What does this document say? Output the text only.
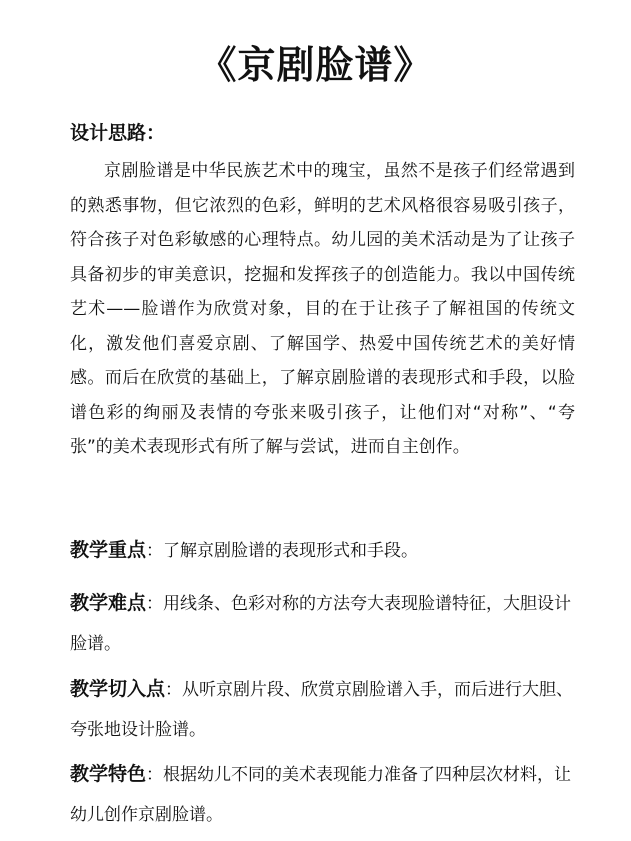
《京剧脸谱》
设计思路：
京剧脸谱是中华民族艺术中的瑰宝，虽然不是孩子们经常遇到的熟悉事物，但它浓烈的色彩，鲜明的艺术风格很容易吸引孩子，符合孩子对色彩敏感的心理特点。幼儿园的美术活动是为了让孩子具备初步的审美意识，挖掘和发挥孩子的创造能力。我以中国传统艺术——脸谱作为欣赏对象，目的在于让孩子了解祖国的传统文化，激发他们喜爱京剧、了解国学、热爱中国传统艺术的美好情感。而后在欣赏的基础上，了解京剧脸谱的表现形式和手段，以脸谱色彩的绚丽及表情的夸张来吸引孩子，让他们对“对称”、“夸张”的美术表现形式有所了解与尝试，进而自主创作。
教学重点：了解京剧脸谱的表现形式和手段。
教学难点：用线条、色彩对称的方法夸大表现脸谱特征，大胆设计脸谱。
教学切入点：从听京剧片段、欣赏京剧脸谱入手，而后进行大胆、夸张地设计脸谱。
教学特色：根据幼儿不同的美术表现能力准备了四种层次材料，让幼儿创作京剧脸谱。
